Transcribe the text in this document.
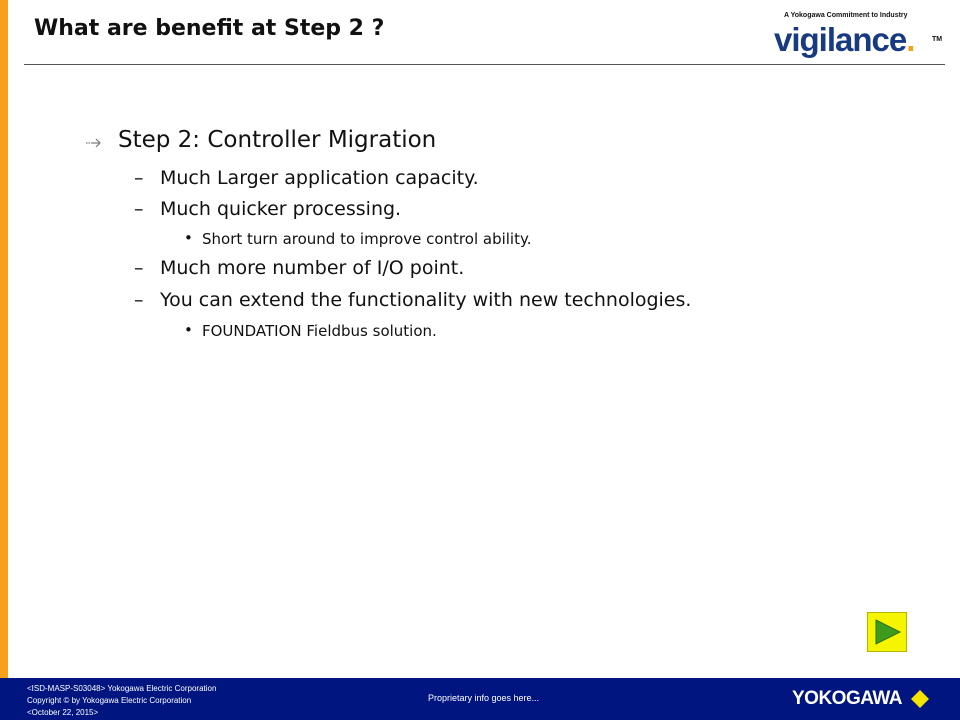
What are benefit at Step 2 ?
A Yokogawa Commitment to Industry
vigilance.	TM
Step 2: Controller Migration
– Much Larger application capacity.
– Much quicker processing.
• Short turn around to improve control ability.
– Much more number of I/O point.
– You can extend the functionality with new technologies.
• FOUNDATION Fieldbus solution.
<ISD-MASP-S03048> Yokogawa Electric Corporation
Copyright © by Yokogawa Electric Corporation
<October 22, 2015>
Proprietary info goes here...	YOKOGAWA
